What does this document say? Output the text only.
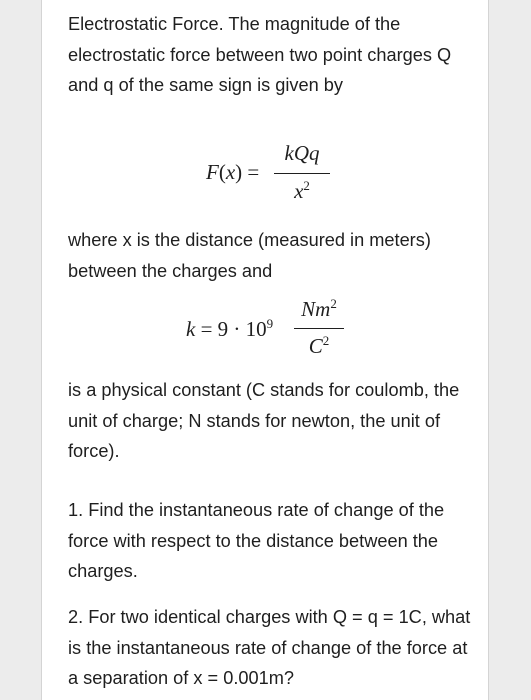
Electrostatic Force. The magnitude of the electrostatic force between two point charges Q and q of the same sign is given by

F(x) =
kQq
$x^2$

where x is the distance (measured in meters) between the charges and

$k = 9 \cdot 10^9$
Nm$^2$
$C^2$

is a physical constant (C stands for coulomb, the unit of charge; N stands for newton, the unit of force).

1. Find the instantaneous rate of change of the force with respect to the distance between the charges.

2. For two identical charges with Q = q = 1C, what is the instantaneous rate of change of the force at a separation of x = 0.001m?
